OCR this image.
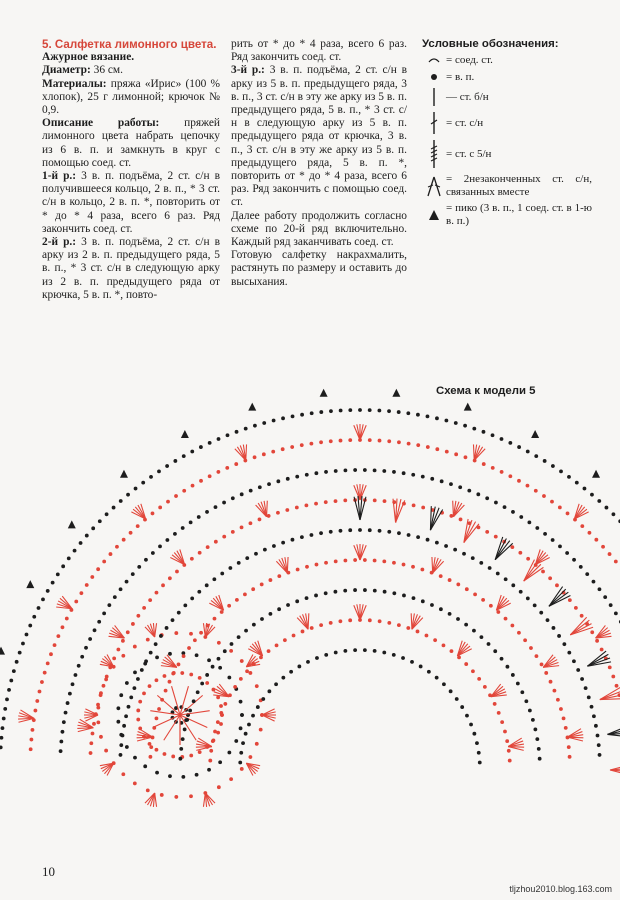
5. Салфетка лимонного цвета.

Ажурное вязание.

Диаметр: 36 см.

Материалы: пряжа «Ирис» (100 % хлопок), 25 г лимонной; крючок № 0,9.

Описание работы: пряжей лимонного цвета набрать цепочку из 6 в. п. и замкнуть в круг с помощью соед. ст.

1-й р.: 3 в. п. подъёма, 2 ст. с/н в получившееся кольцо, 2 в. п., * 3 ст. с/н в кольцо, 2 в. п. *, повторить от * до * 4 раза, всего 6 раз. Ряд закончить соед. ст.

2-й р.: 3 в. п. подъёма, 2 ст. с/н в арку из 2 в. п. предыдущего ряда, 5 в. п., * 3 ст. с/н в следующую арку из 2 в. п. предыдущего ряда от крючка, 5 в. п. *, повто-

рить от * до * 4 раза, всего 6 раз. Ряд закончить соед. ст.

3-й р.: 3 в. п. подъёма, 2 ст. с/н в арку из 5 в. п. предыдущего ряда, 3 в. п., 3 ст. с/н в эту же арку из 5 в. п. предыдущего ряда, 5 в. п., * 3 ст. с/н в следующую арку из 5 в. п. предыдущего ряда от крючка, 3 в. п., 3 ст. с/н в эту же арку из 5 в. п. предыдущего ряда, 5 в. п. *, повторить от * до * 4 раза, всего 6 раз. Ряд закончить с помощью соед. ст.

Далее работу продолжить согласно схеме по 20-й ряд включительно. Каждый ряд заканчивать соед. ст.

Готовую салфетку накрахмалить, растянуть по размеру и оставить до высыхания.

Условные обозначения:
= соед. ст.
= в. п.
— ст. б/н
= ст. с/н
= ст. с 5/н
= 2незаконченных ст. с/н, связанных вместе
= пико (3 в. п., 1 соед. ст. в 1-ю в. п.)
Схема к модели 5
10
tljzhou2010.blog.163.com
